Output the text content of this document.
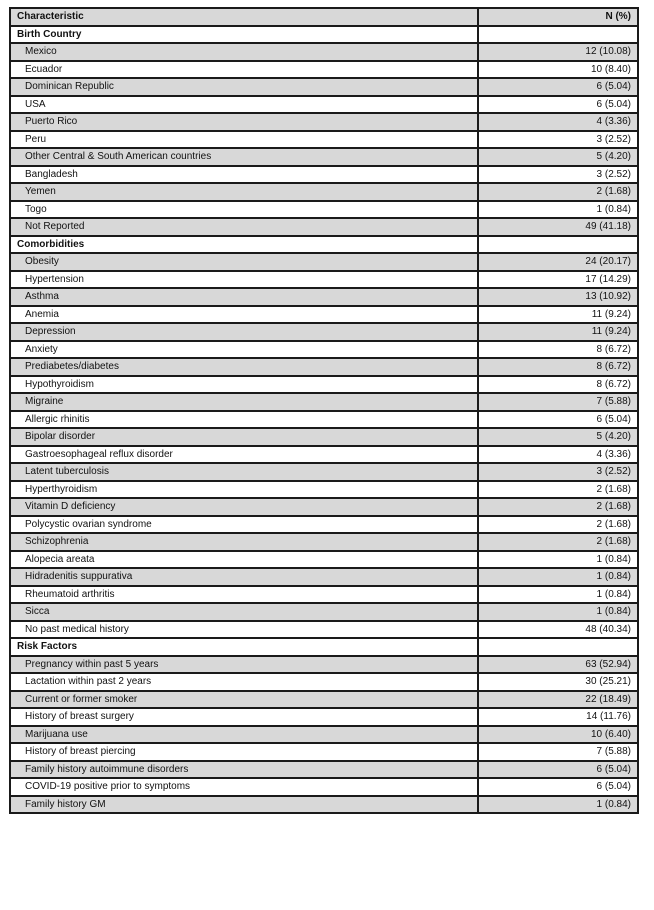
Characteristic	N (%)
Birth Country	
Mexico	12 (10.08)
Ecuador	10 (8.40)
Dominican Republic	6 (5.04)
USA	6 (5.04)
Puerto Rico	4 (3.36)
Peru	3 (2.52)
Other Central & South American countries	5 (4.20)
Bangladesh	3 (2.52)
Yemen	2 (1.68)
Togo	1 (0.84)
Not Reported	49 (41.18)
Comorbidities	
Obesity	24 (20.17)
Hypertension	17 (14.29)
Asthma	13 (10.92)
Anemia	11 (9.24)
Depression	11 (9.24)
Anxiety	8 (6.72)
Prediabetes/diabetes	8 (6.72)
Hypothyroidism	8 (6.72)
Migraine	7 (5.88)
Allergic rhinitis	6 (5.04)
Bipolar disorder	5 (4.20)
Gastroesophageal reflux disorder	4 (3.36)
Latent tuberculosis	3 (2.52)
Hyperthyroidism	2 (1.68)
Vitamin D deficiency	2 (1.68)
Polycystic ovarian syndrome	2 (1.68)
Schizophrenia	2 (1.68)
Alopecia areata	1 (0.84)
Hidradenitis suppurativa	1 (0.84)
Rheumatoid arthritis	1 (0.84)
Sicca	1 (0.84)
No past medical history	48 (40.34)
Risk Factors	
Pregnancy within past 5 years	63 (52.94)
Lactation within past 2 years	30 (25.21)
Current or former smoker	22 (18.49)
History of breast surgery	14 (11.76)
Marijuana use	10 (6.40)
History of breast piercing	7 (5.88)
Family history autoimmune disorders	6 (5.04)
COVID-19 positive prior to symptoms	6 (5.04)
Family history GM	1 (0.84)
